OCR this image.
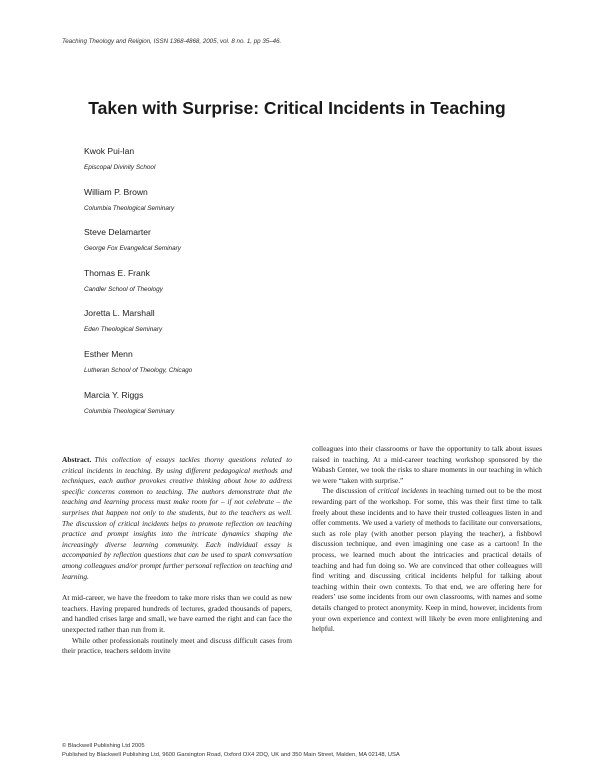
Teaching Theology and Religion, ISSN 1368-4868, 2005, vol. 8 no. 1, pp 35–46.
Taken with Surprise: Critical Incidents in Teaching
Kwok Pui-lan
Episcopal Divinity School
William P. Brown
Columbia Theological Seminary
Steve Delamarter
George Fox Evangelical Seminary
Thomas E. Frank
Candler School of Theology
Joretta L. Marshall
Eden Theological Seminary
Esther Menn
Lutheran School of Theology, Chicago
Marcia Y. Riggs
Columbia Theological Seminary

Abstract. This collection of essays tackles thorny questions related to critical incidents in teaching. By using different pedagogical methods and techniques, each author provokes creative thinking about how to address specific concerns common to teaching. The authors demonstrate that the teaching and learning process must make room for – if not celebrate – the surprises that happen not only to the students, but to the teachers as well. The discussion of critical incidents helps to promote reflection on teaching practice and prompt insights into the intricate dynamics shaping the increasingly diverse learning community. Each individual essay is accompanied by reflection questions that can be used to spark conversation among colleagues and/or prompt further personal reflection on teaching and learning.

At mid-career, we have the freedom to take more risks than we could as new teachers. Having prepared hundreds of lectures, graded thousands of papers, and handled crises large and small, we have earned the right and can face the unexpected rather than run from it.

While other professionals routinely meet and discuss difficult cases from their practice, teachers seldom invite

colleagues into their classrooms or have the opportunity to talk about issues raised in teaching. At a mid-career teaching workshop sponsored by the Wabash Center, we took the risks to share moments in our teaching in which we were “taken with surprise.”

The discussion of critical incidents in teaching turned out to be the most rewarding part of the workshop. For some, this was their first time to talk freely about these incidents and to have their trusted colleagues listen in and offer comments. We used a variety of methods to facilitate our conversations, such as role play (with another person playing the teacher), a fishbowl discussion technique, and even imagining one case as a cartoon! In the process, we learned much about the intricacies and practical details of teaching and had fun doing so. We are convinced that other colleagues will find writing and discussing critical incidents helpful for talking about teaching within their own contexts. To that end, we are offering here for readers’ use some incidents from our own classrooms, with names and some details changed to protect anonymity. Keep in mind, however, incidents from your own experience and context will likely be even more enlightening and helpful.

© Blackwell Publishing Ltd 2005
Published by Blackwell Publishing Ltd, 9600 Garsington Road, Oxford OX4 2DQ, UK and 350 Main Street, Malden, MA 02148, USA
